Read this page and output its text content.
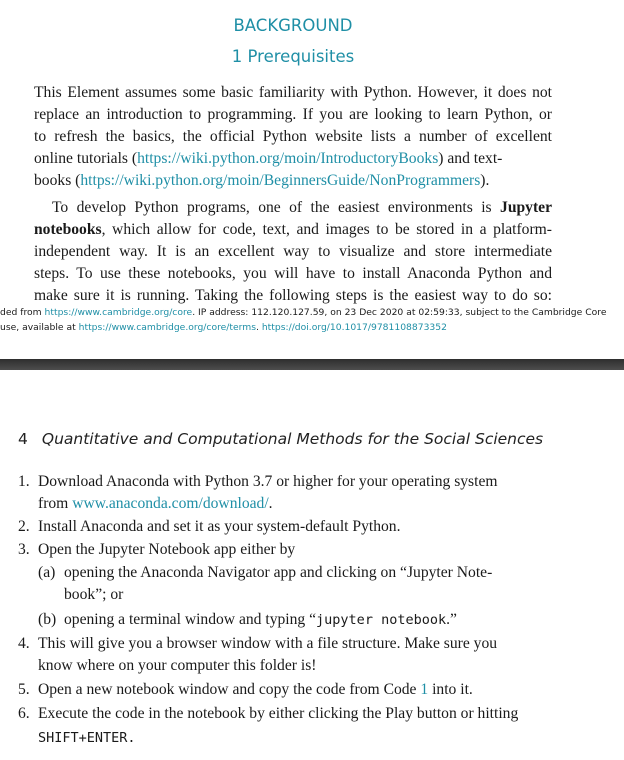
BACKGROUND
1 Prerequisites
This Element assumes some basic familiarity with Python. However, it does not
replace an introduction to programming. If you are looking to learn Python, or
to refresh the basics, the official Python website lists a number of excellent
online tutorials (https://wiki.python.org/moin/IntroductoryBooks) and text-
books (https://wiki.python.org/moin/BeginnersGuide/NonProgrammers).
To develop Python programs, one of the easiest environments is Jupyter
notebooks, which allow for code, text, and images to be stored in a platform-
independent way. It is an excellent way to visualize and store intermediate
steps. To use these notebooks, you will have to install Anaconda Python and
make sure it is running. Taking the following steps is the easiest way to do so:
ded from https://www.cambridge.org/core. IP address: 112.120.127.59, on 23 Dec 2020 at 02:59:33, subject to the Cambridge Core
use, available at https://www.cambridge.org/core/terms. https://doi.org/10.1017/9781108873352
4 Quantitative and Computational Methods for the Social Sciences
1. Download Anaconda with Python 3.7 or higher for your operating system
from www.anaconda.com/download/.
2. Install Anaconda and set it as your system-default Python.
3. Open the Jupyter Notebook app either by
(a) opening the Anaconda Navigator app and clicking on “Jupyter Note-
book”; or
(b) opening a terminal window and typing “jupyter notebook.”
4. This will give you a browser window with a file structure. Make sure you
know where on your computer this folder is!
5. Open a new notebook window and copy the code from Code 1 into it.
6. Execute the code in the notebook by either clicking the Play button or hitting
SHIFT+ENTER.
